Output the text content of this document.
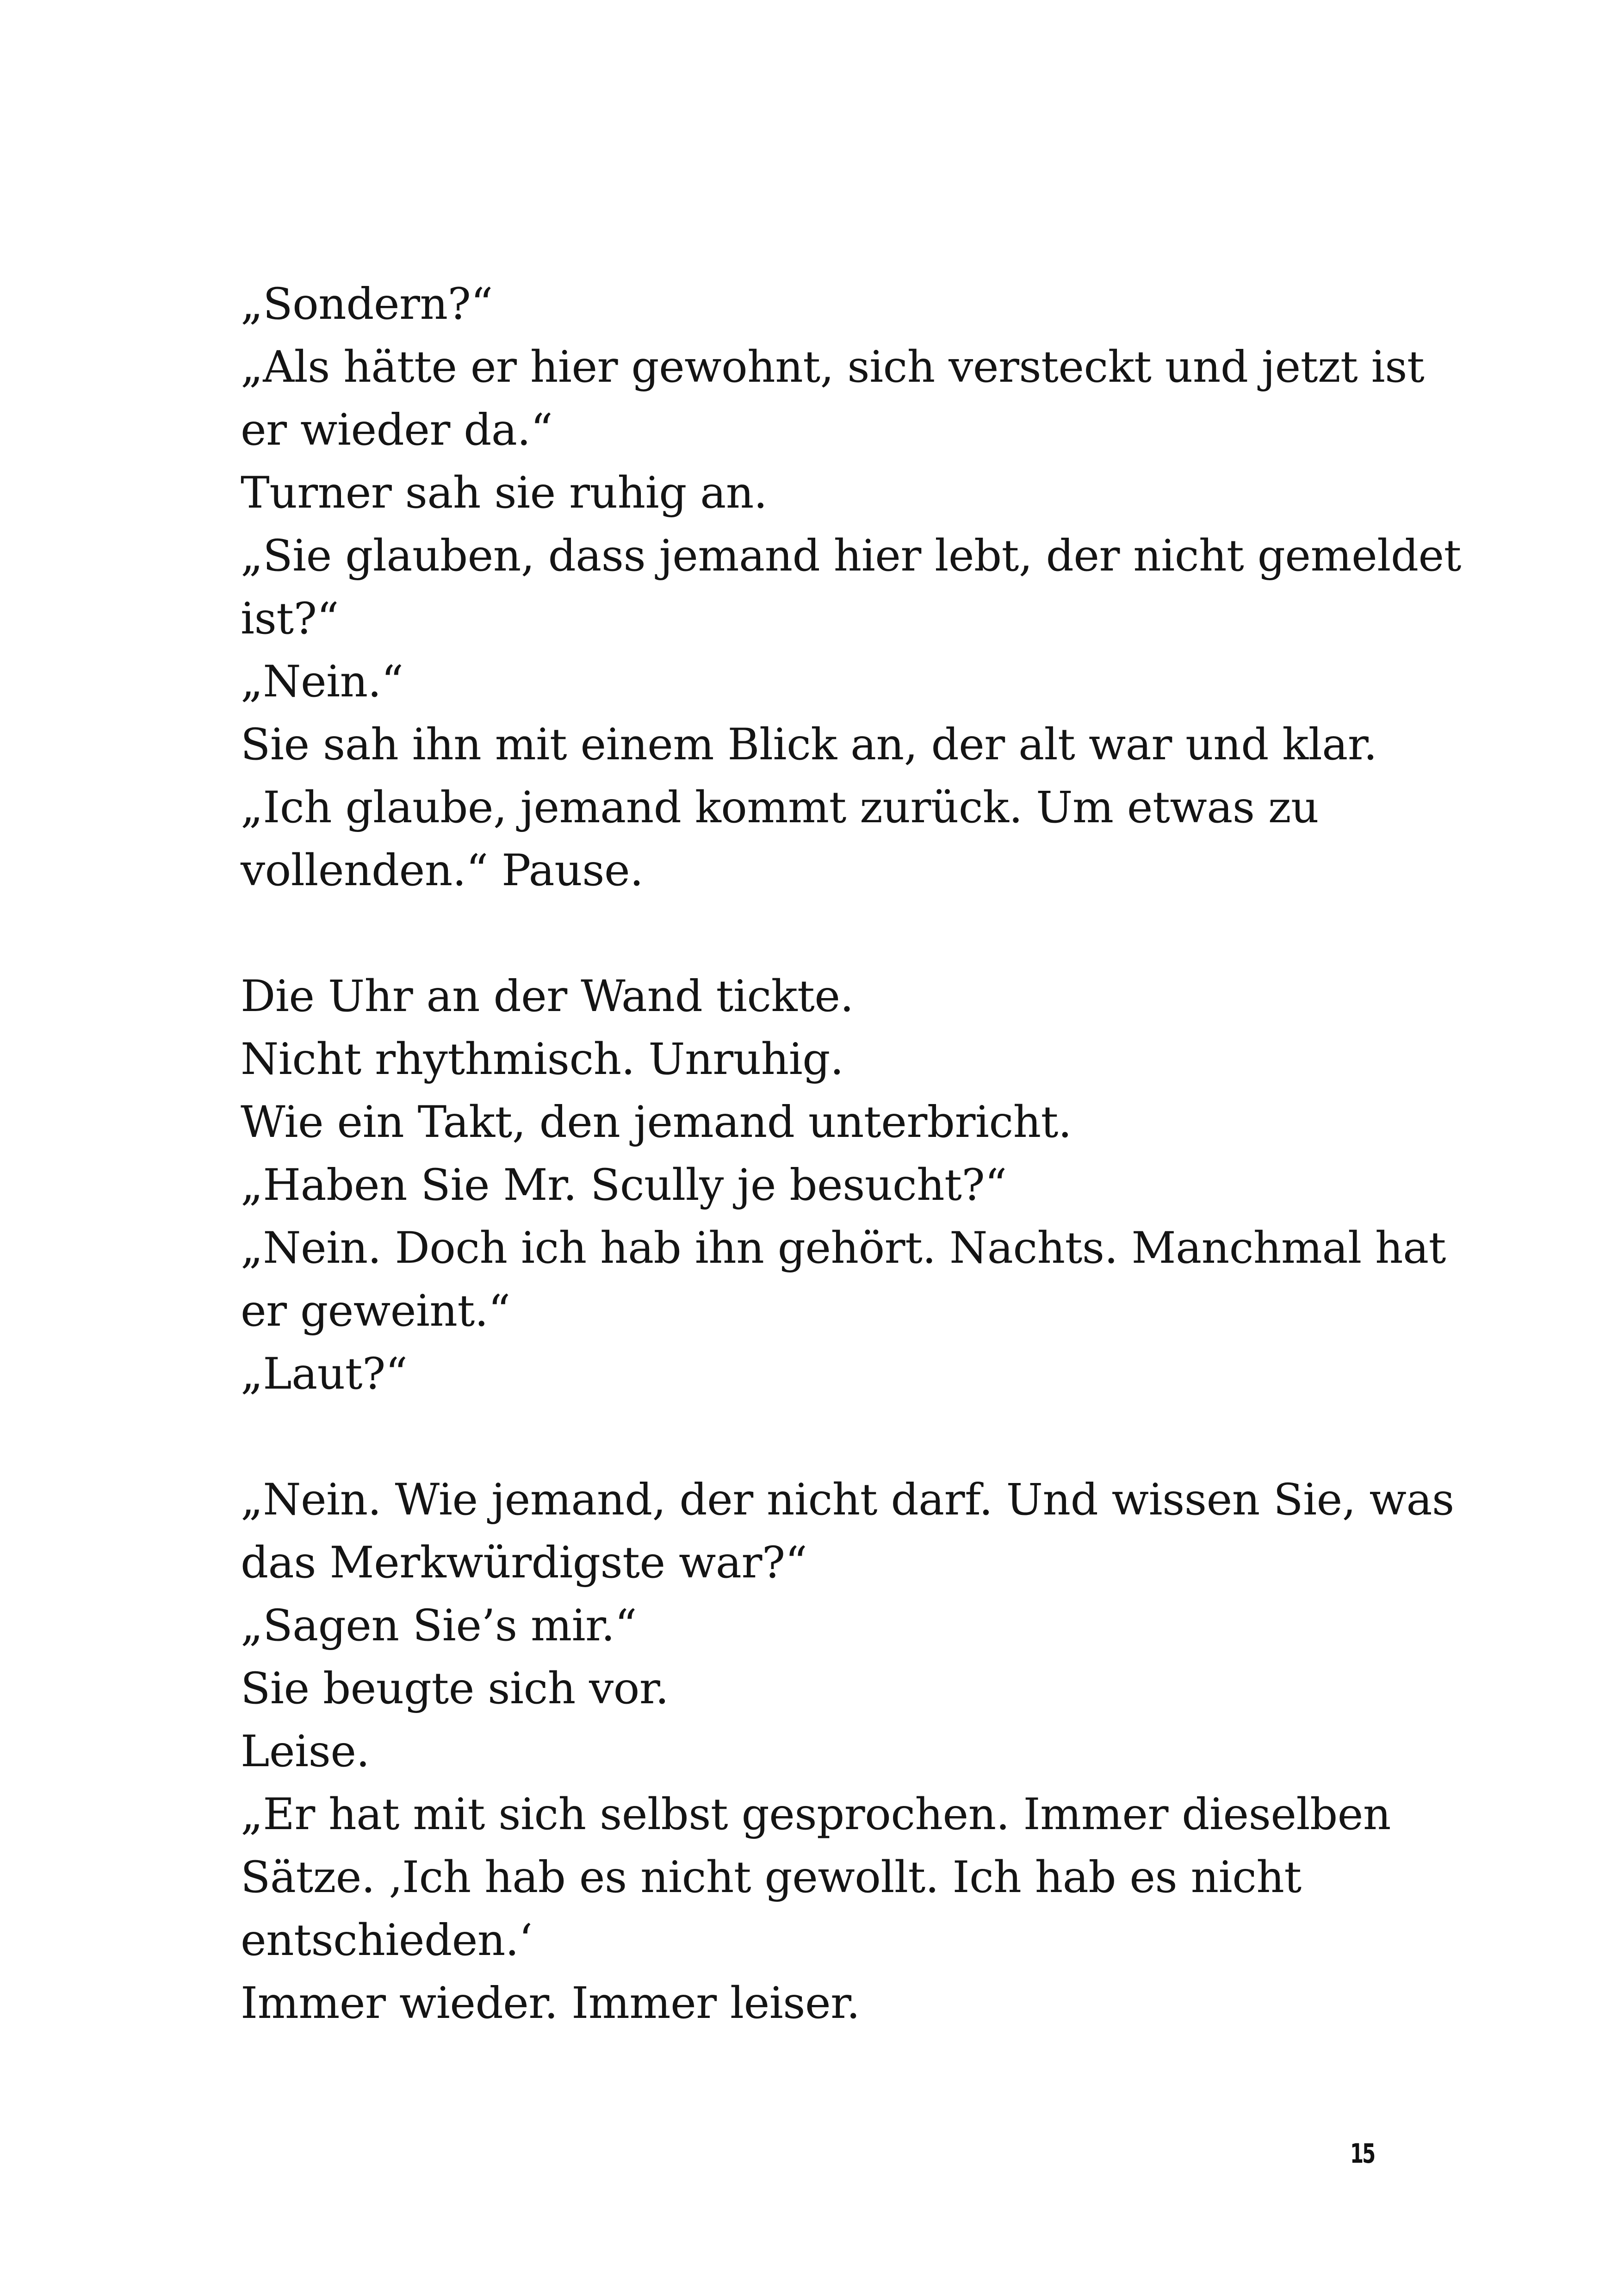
„Sondern?“
„Als hätte er hier gewohnt, sich versteckt und jetzt ist
er wieder da.“
Turner sah sie ruhig an.
„Sie glauben, dass jemand hier lebt, der nicht gemeldet
ist?“
„Nein.“
Sie sah ihn mit einem Blick an, der alt war und klar.
„Ich glaube, jemand kommt zurück. Um etwas zu
vollenden.“ Pause.
Die Uhr an der Wand tickte.
Nicht rhythmisch. Unruhig.
Wie ein Takt, den jemand unterbricht.
„Haben Sie Mr. Scully je besucht?“
„Nein. Doch ich hab ihn gehört. Nachts. Manchmal hat
er geweint.“
„Laut?“
„Nein. Wie jemand, der nicht darf. Und wissen Sie, was
das Merkwürdigste war?“
„Sagen Sie’s mir.“
Sie beugte sich vor.
Leise.
„Er hat mit sich selbst gesprochen. Immer dieselben
Sätze. ‚Ich hab es nicht gewollt. Ich hab es nicht
entschieden.‘
Immer wieder. Immer leiser.
15
